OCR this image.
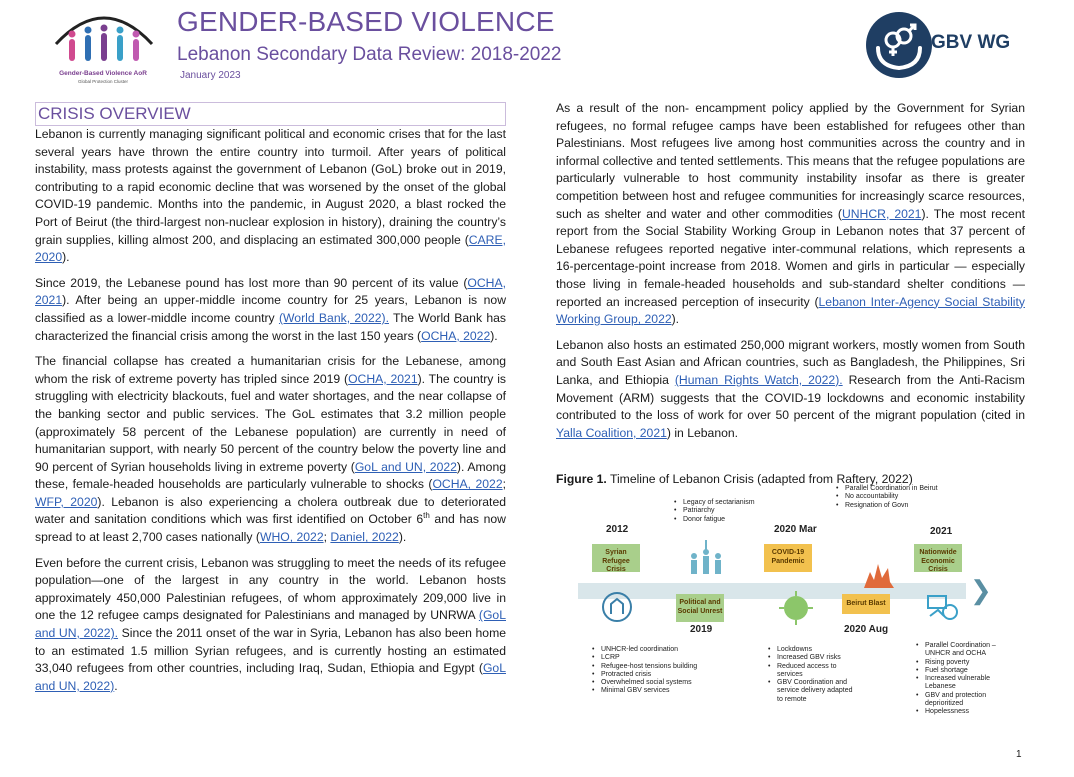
Gender-Based Violence AoR
Global Protection Cluster
GENDER-BASED VIOLENCE
Lebanon Secondary Data Review: 2018-2022
January 2023
GBV WG
CRISIS OVERVIEW

Lebanon is currently managing significant political and economic crises that for the last several years have thrown the entire country into turmoil. After years of political instability, mass protests against the government of Lebanon (GoL) broke out in 2019, contributing to a rapid economic decline that was worsened by the onset of the global COVID-19 pandemic. Months into the pandemic, in August 2020, a blast rocked the Port of Beirut (the third-largest non-nuclear explosion in history), draining the country’s grain supplies, killing almost 200, and displacing an estimated 300,000 people (CARE, 2020).

Since 2019, the Lebanese pound has lost more than 90 percent of its value (OCHA, 2021). After being an upper-middle income country for 25 years, Lebanon is now classified as a lower-middle income country (World Bank, 2022). The World Bank has characterized the financial crisis among the worst in the last 150 years (OCHA, 2022).

The financial collapse has created a humanitarian crisis for the Lebanese, among whom the risk of extreme poverty has tripled since 2019 (OCHA, 2021). The country is struggling with electricity blackouts, fuel and water shortages, and the near collapse of the banking sector and public services. The GoL estimates that 3.2 million people (approximately 58 percent of the Lebanese population) are currently in need of humanitarian support, with nearly 50 percent of the country below the poverty line and 90 percent of Syrian households living in extreme poverty (GoL and UN, 2022). Among these, female-headed households are particularly vulnerable to shocks (OCHA, 2022; WFP, 2020). Lebanon is also experiencing a cholera outbreak due to deteriorated water and sanitation conditions which was first identified on October 6th and has now spread to at least 2,700 cases nationally (WHO, 2022; Daniel, 2022).

Even before the current crisis, Lebanon was struggling to meet the needs of its refugee population—one of the largest in any country in the world. Lebanon hosts approximately 450,000 Palestinian refugees, of whom approximately 209,000 live in one the 12 refugee camps designated for Palestinians and managed by UNRWA (GoL and UN, 2022). Since the 2011 onset of the war in Syria, Lebanon has also been home to an estimated 1.5 million Syrian refugees, and is currently hosting an estimated 33,040 refugees from other countries, including Iraq, Sudan, Ethiopia and Egypt (GoL and UN, 2022).

As a result of the non- encampment policy applied by the Government for Syrian refugees, no formal refugee camps have been established for refugees other than Palestinians. Most refugees live among host communities across the country and in informal collective and tented settlements. This means that the refugee populations are particularly vulnerable to host community instability insofar as there is greater competition between host and refugee communities for increasingly scarce resources, such as shelter and water and other commodities (UNHCR, 2021). The most recent report from the Social Stability Working Group in Lebanon notes that 37 percent of Lebanese refugees reported negative inter-communal relations, which represents a 16-percentage-point increase from 2018. Women and girls in particular — especially those living in female-headed households and sub-standard shelter conditions — reported an increased perception of insecurity (Lebanon Inter-Agency Social Stability Working Group, 2022).

Lebanon also hosts an estimated 250,000 migrant workers, mostly women from South and South East Asian and African countries, such as Bangladesh, the Philippines, Sri Lanka, and Ethiopia (Human Rights Watch, 2022). Research from the Anti-Racism Movement (ARM) suggests that the COVID-19 lockdowns and economic instability contributed to the loss of work for over 50 percent of the migrant population (cited in Yalla Coalition, 2021) in Lebanon.

Figure 1. Timeline of Lebanon Crisis (adapted from Raftery, 2022)
• Legacy of sectarianism
• Patriarchy
• Donor fatigue
• Parallel Coordination in Beirut
• No accountability
• Resignation of Govn
2012	2020 Mar	2021
❯
Syrian Refugee Crisis
COVID-19 Pandemic
Nationwide Economic Crisis
Political and Social Unrest
Beirut Blast
2019	2020 Aug
• UNHCR-led coordination
• LCRP
• Refugee-host tensions building
• Protracted crisis
• Overwhelmed social systems
• Minimal GBV services
• Lockdowns
• Increased GBV risks
• Reduced access to services
• GBV Coordination and service delivery adapted to remote
• Parallel Coordination – UNHCR and OCHA
• Rising poverty
• Fuel shortage
• Increased vulnerable Lebanese
• GBV and protection deprioritized
• Hopelessness
1
